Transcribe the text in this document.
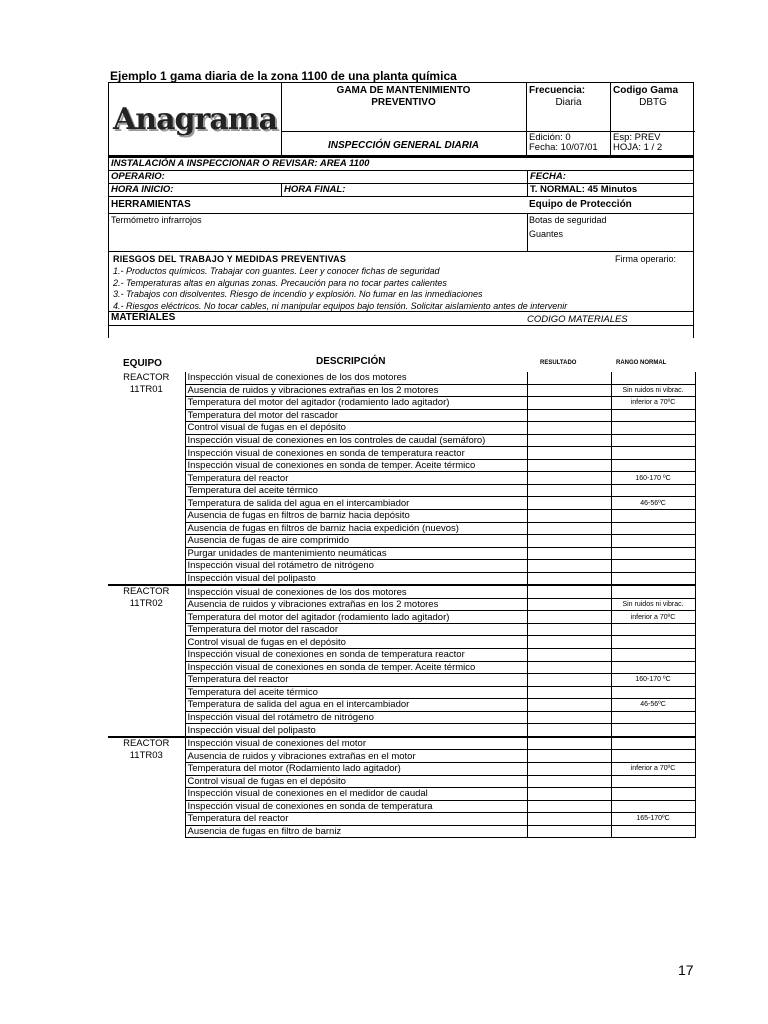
Ejemplo 1 gama diaria de la zona 1100 de una planta química
Anagrama
GAMA DE MANTENIMIENTO
PREVENTIVO
INSPECCIÓN GENERAL DIARIA
Frecuencia:
Diaria
Codigo Gama
DBTG
Edición: 0
Fecha: 10/07/01
Esp: PREV
HOJA: 1 / 2
INSTALACIÓN A INSPECCIONAR O REVISAR: AREA 1100
OPERARIO:	FECHA:
HORA INICIO:	HORA FINAL:	T. NORMAL: 45 Minutos
HERRAMIENTAS	Equipo de Protección
Termómetro infrarrojos	Botas de seguridad
Guantes
RIESGOS DEL TRABAJO Y MEDIDAS PREVENTIVAS	Firma operario:
1.- Productos químicos. Trabajar con guantes. Leer y conocer fichas de seguridad
2.- Temperaturas altas en algunas zonas. Precaución para no tocar partes calientes
3.- Trabajos con disolventes. Riesgo de incendio y explosión. No fumar en las inmediaciones
4.- Riesgos eléctricos. No tocar cables, ni manipular equipos bajo tensión. Solicitar aislamiento antes de intervenir
MATERIALES	CODIGO MATERIALES
EQUIPO	DESCRIPCIÓN	RESULTADO	RANGO NORMAL
REACTOR	Inspección visual de conexiones de los dos motores		
11TR01	Ausencia de ruidos y vibraciones extrañas en los 2 motores		Sin ruidos ni vibrac.
	Temperatura del motor del agitador (rodamiento lado agitador)		inferior a 70ºC
	Temperatura del motor del rascador		
	Control visual de fugas en el depósito		
	Inspección visual de conexiones en los controles de caudal (semáforo)		
	Inspección visual de conexiones en sonda de temperatura reactor		
	Inspección visual de conexiones en sonda de temper. Aceite térmico		
	Temperatura del reactor		160-170 ºC
	Temperatura del aceite térmico		
	Temperatura de salida del agua en el intercambiador		46-56ºC
	Ausencia de fugas en filtros de barniz hacia depósito		
	Ausencia de fugas en filtros de barniz hacia expedición (nuevos)		
	Ausencia de fugas de aire comprimido		
	Purgar unidades de mantenimiento neumáticas		
	Inspección visual del rotámetro de nitrógeno		
	Inspección visual del polipasto		
REACTOR	Inspección visual de conexiones de los dos motores		
11TR02	Ausencia de ruidos y vibraciones extrañas en los 2 motores		Sin ruidos ni vibrac.
	Temperatura del motor del agitador (rodamiento lado agitador)		inferior a 70ºC
	Temperatura del motor del rascador		
	Control visual de fugas en el depósito		
	Inspección visual de conexiones en sonda de temperatura reactor		
	Inspección visual de conexiones en sonda de temper. Aceite térmico		
	Temperatura del reactor		160-170 ºC
	Temperatura del aceite térmico		
	Temperatura de salida del agua en el intercambiador		46-56ºC
	Inspección visual del rotámetro de nitrógeno		
	Inspección visual del polipasto		
REACTOR	Inspección visual de conexiones del motor		
11TR03	Ausencia de ruidos y vibraciones extrañas en el motor		
	Temperatura del motor (Rodamiento lado agitador)		inferior a 70ºC
	Control visual de fugas en el depósito		
	Inspección visual de conexiones en el medidor de caudal		
	Inspección visual de conexiones en sonda de temperatura		
	Temperatura del reactor		165-170ºC
	Ausencia de fugas en filtro de barniz		
17
